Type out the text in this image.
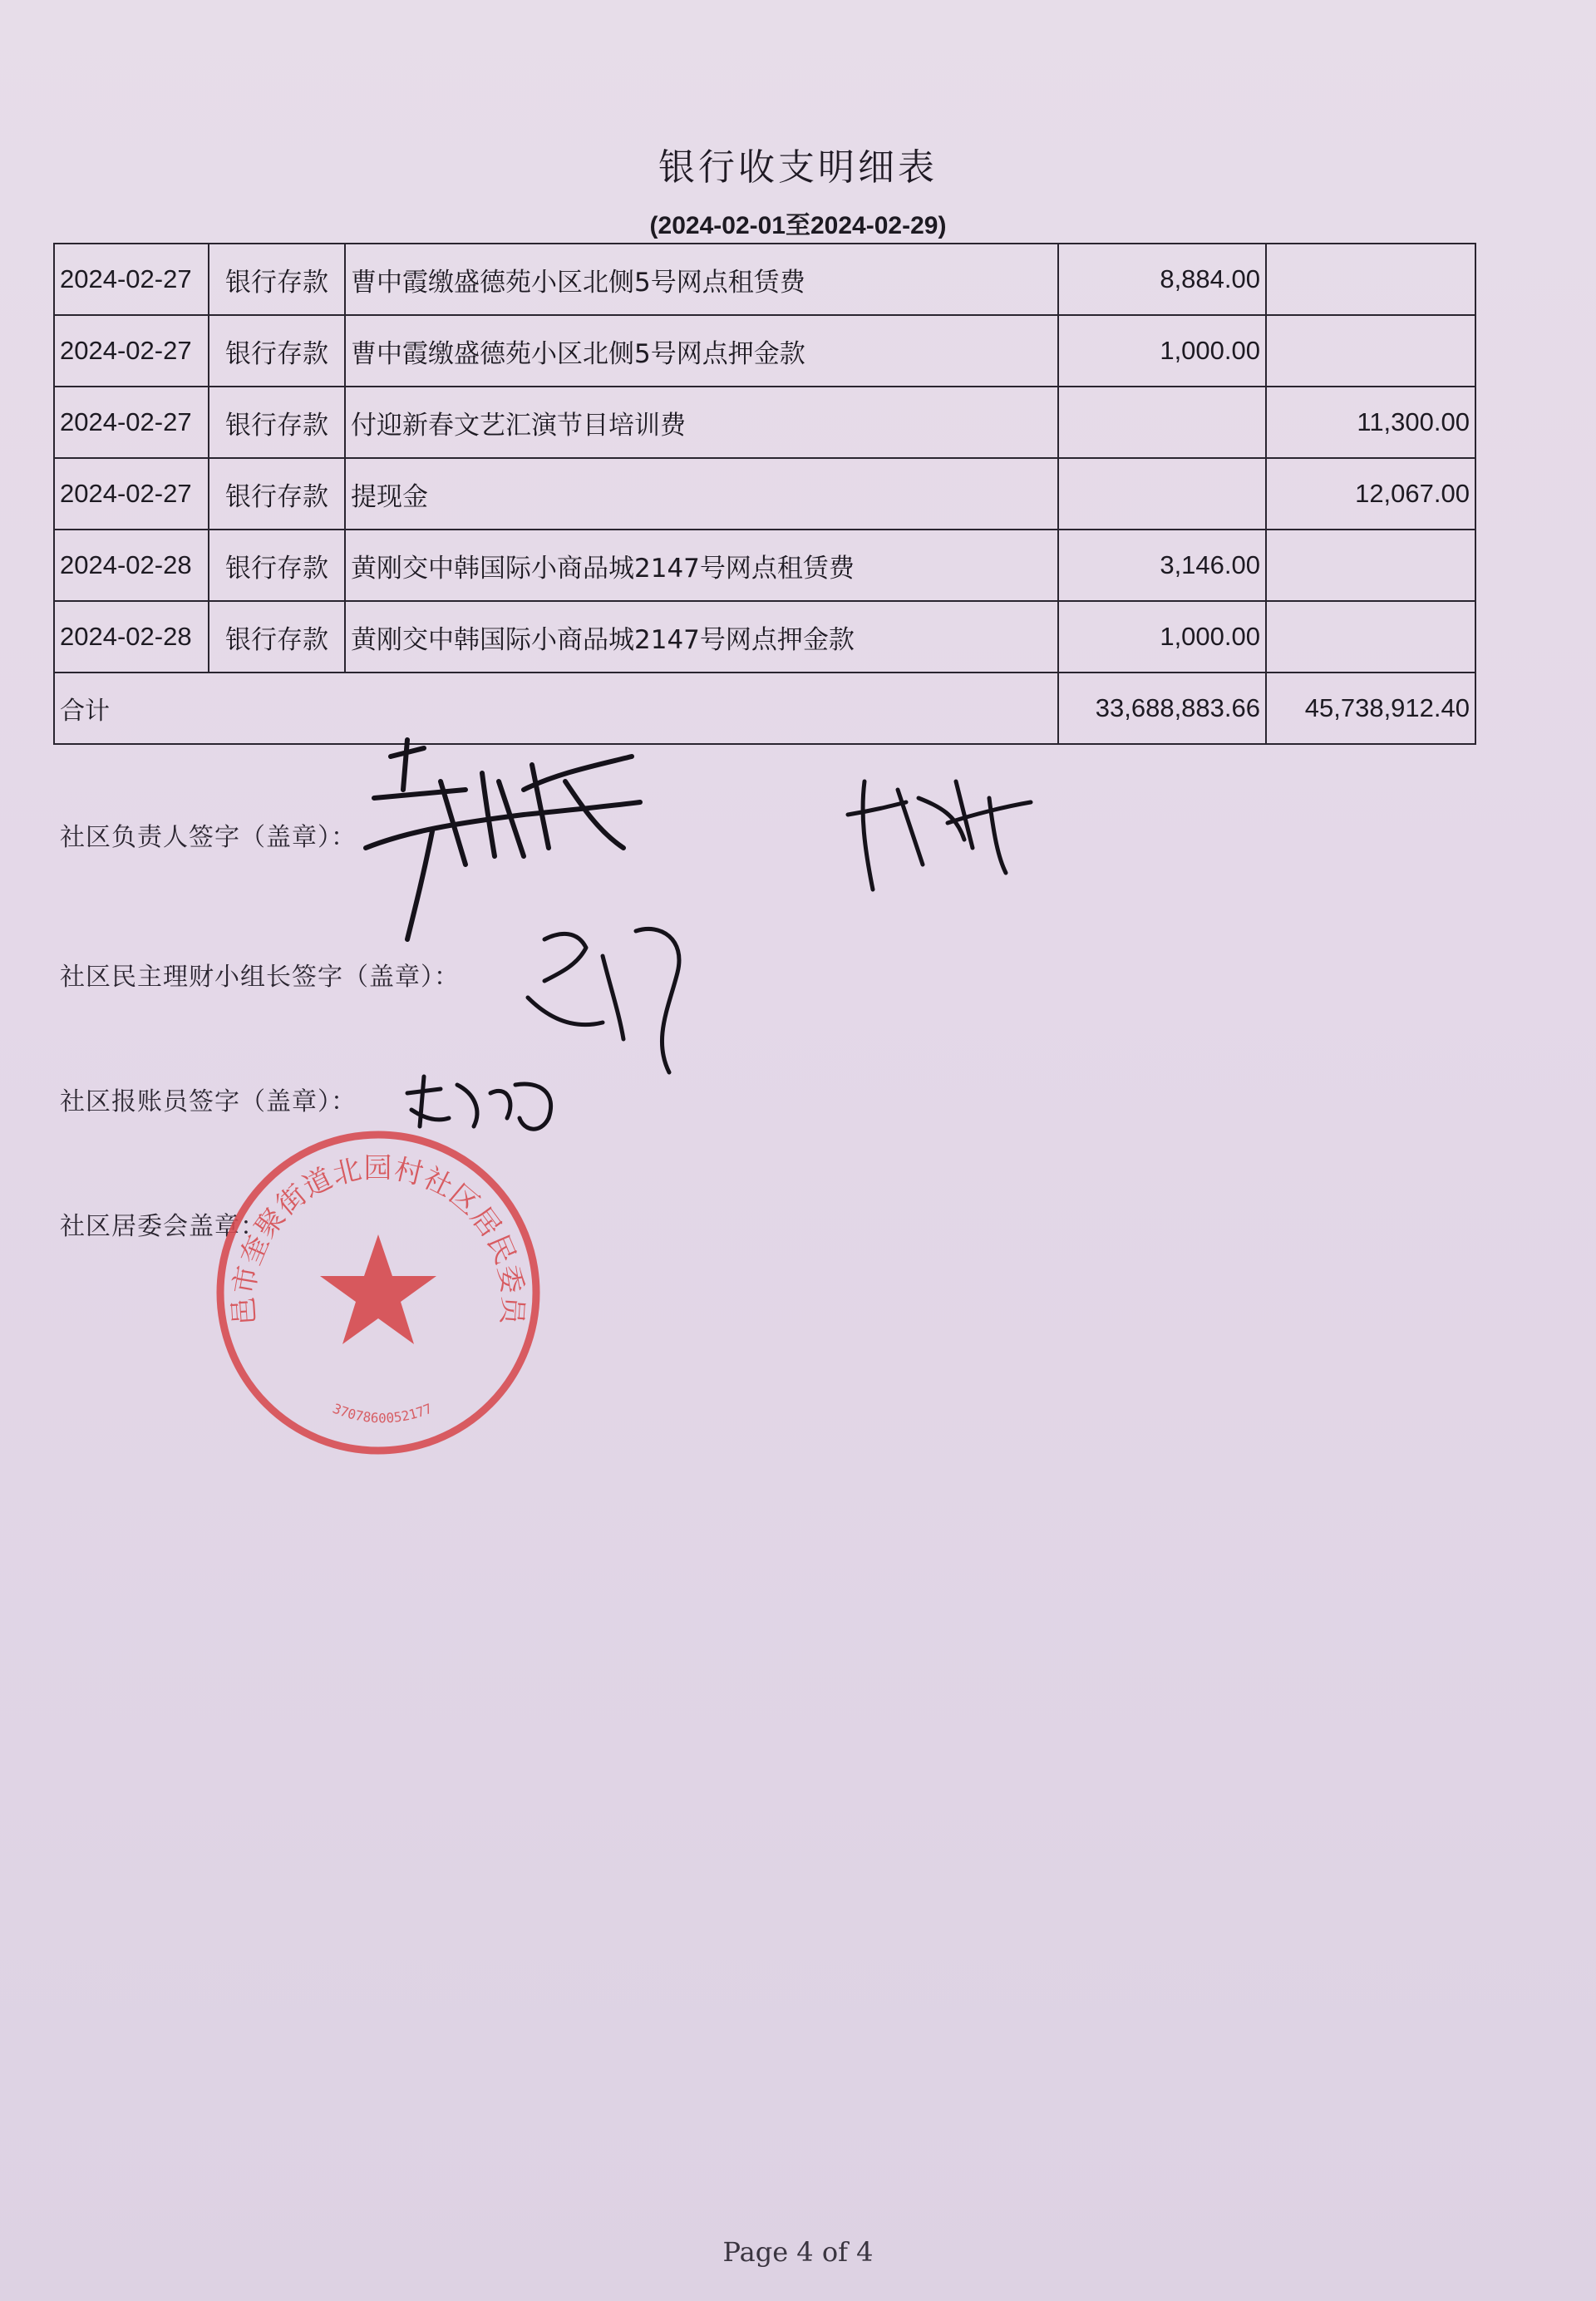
银行收支明细表
(2024-02-01至2024-02-29)
2024-02-27	银行存款	曹中霞缴盛德苑小区北侧5号网点租赁费	8,884.00	
2024-02-27	银行存款	曹中霞缴盛德苑小区北侧5号网点押金款	1,000.00	
2024-02-27	银行存款	付迎新春文艺汇演节目培训费		11,300.00
2024-02-27	银行存款	提现金		12,067.00
2024-02-28	银行存款	黄刚交中韩国际小商品城2147号网点租赁费	3,146.00	
2024-02-28	银行存款	黄刚交中韩国际小商品城2147号网点押金款	1,000.00	
合计			33,688,883.66	45,738,912.40
社区负责人签字（盖章）：
社区民主理财小组长签字（盖章）：
社区报账员签字（盖章）：
社区居委会盖章：
邑市奎聚街道北园村社区居民委员
3707860052177
Page 4 of 4
